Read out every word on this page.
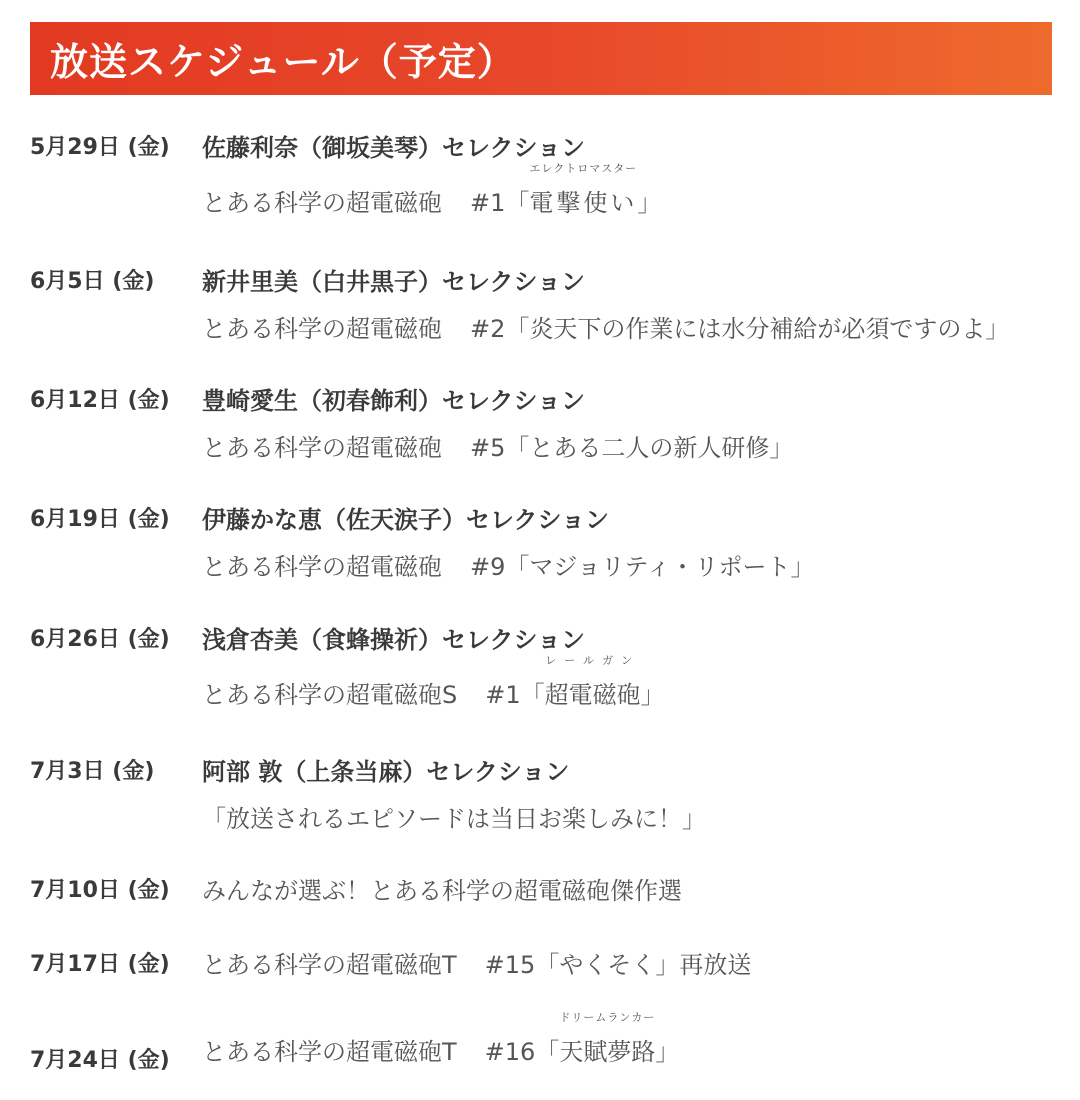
放送スケジュール（予定）
5月29日 (金)	佐藤利奈（御坂美琴）セレクション
とある科学の超電磁砲 #1「
エレクトロマスター
電撃使い」
6月5日 (金)	新井里美（白井黒子）セレクション
とある科学の超電磁砲 #2「炎天下の作業には水分補給が必須ですのよ」
6月12日 (金)	豊崎愛生（初春飾利）セレクション
とある科学の超電磁砲 #5「とある二人の新人研修」
6月19日 (金)	伊藤かな恵（佐天涙子）セレクション
とある科学の超電磁砲 #9「マジョリティ・リポート」
6月26日 (金)	浅倉杏美（食蜂操祈）セレクション
とある科学の超電磁砲S #1「
レールガン
超電磁砲」
7月3日 (金)	阿部 敦（上条当麻）セレクション
「放送されるエピソードは当日お楽しみに！」
7月10日 (金)	みんなが選ぶ！とある科学の超電磁砲傑作選
7月17日 (金)	とある科学の超電磁砲T #15「やくそく」再放送
7月24日 (金)	とある科学の超電磁砲T #16「
ドリームランカー
天賦夢路」
